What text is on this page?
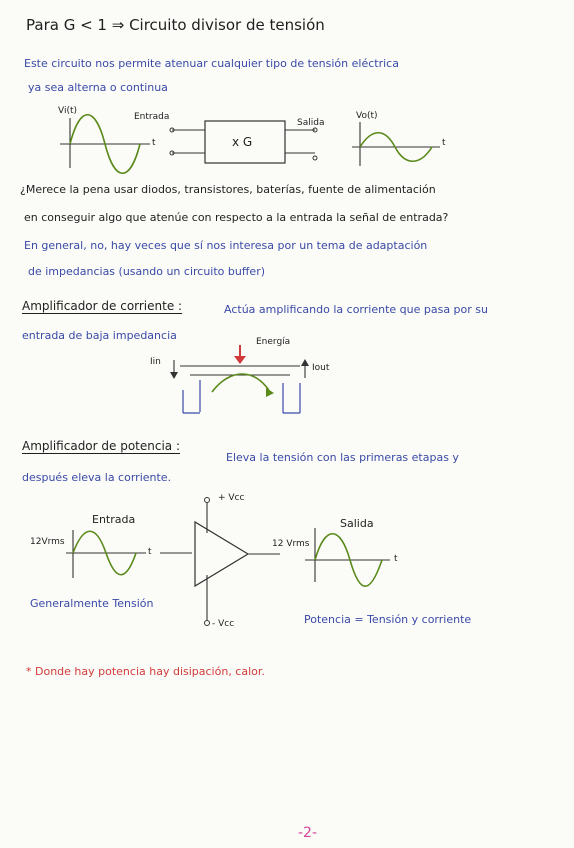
Para G < 1 ⇒ Circuito divisor de tensión
Este circuito nos permite atenuar cualquier tipo de tensión eléctrica
ya sea alterna o continua
Vi(t)
Entrada
x G
Salida
Vo(t)
t	t
¿Merece la pena usar diodos, transistores, baterías, fuente de alimentación
en conseguir algo que atenúe con respecto a la entrada la señal de entrada?
En general, no, hay veces que sí nos interesa por un tema de adaptación
de impedancias (usando un circuito buffer)
Amplificador de corriente :	Actúa amplificando la corriente que pasa por su
entrada de baja impedancia	Energía
Iin
Iout
Amplificador de potencia :
Eleva la tensión con las primeras etapas y
después eleva la corriente.
+ Vcc
Entrada	Salida
12Vrms	12 Vrms
t
t
Generalmente Tensión
Potencia = Tensión y corriente
- Vcc
* Donde hay potencia hay disipación, calor.
-2-
